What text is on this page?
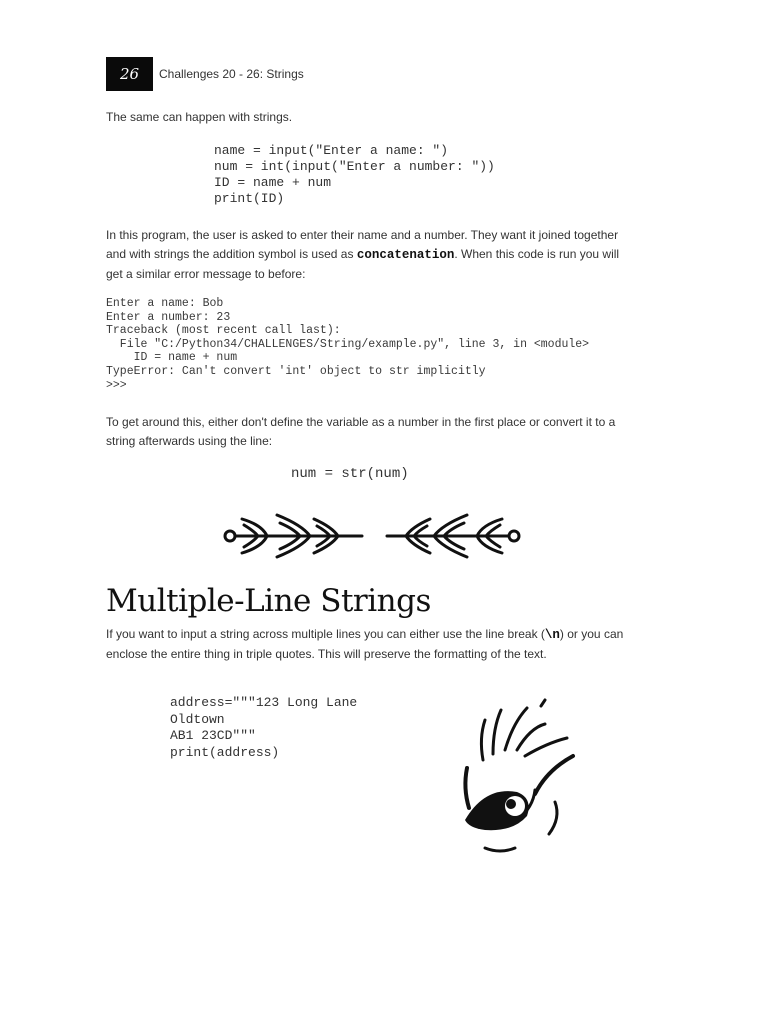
26	Challenges 20 - 26: Strings

The same can happen with strings.

name = input("Enter a name: ")
num = int(input("Enter a number: "))
ID = name + num
print(ID)

In this program, the user is asked to enter their name and a number. They want it joined together and with strings the addition symbol is used as concatenation. When this code is run you will get a similar error message to before:

Enter a name: Bob
Enter a number: 23
Traceback (most recent call last):
File "C:/Python34/CHALLENGES/String/example.py", line 3, in <module>
ID = name + num
TypeError: Can't convert 'int' object to str implicitly
>>>

To get around this, either don't define the variable as a number in the first place or convert it to a string afterwards using the line:

num = str(num)
Multiple-Line Strings

If you want to input a string across multiple lines you can either use the line break (\n) or you can enclose the entire thing in triple quotes. This will preserve the formatting of the text.

address="""123 Long Lane
Oldtown
AB1 23CD"""
print(address)
